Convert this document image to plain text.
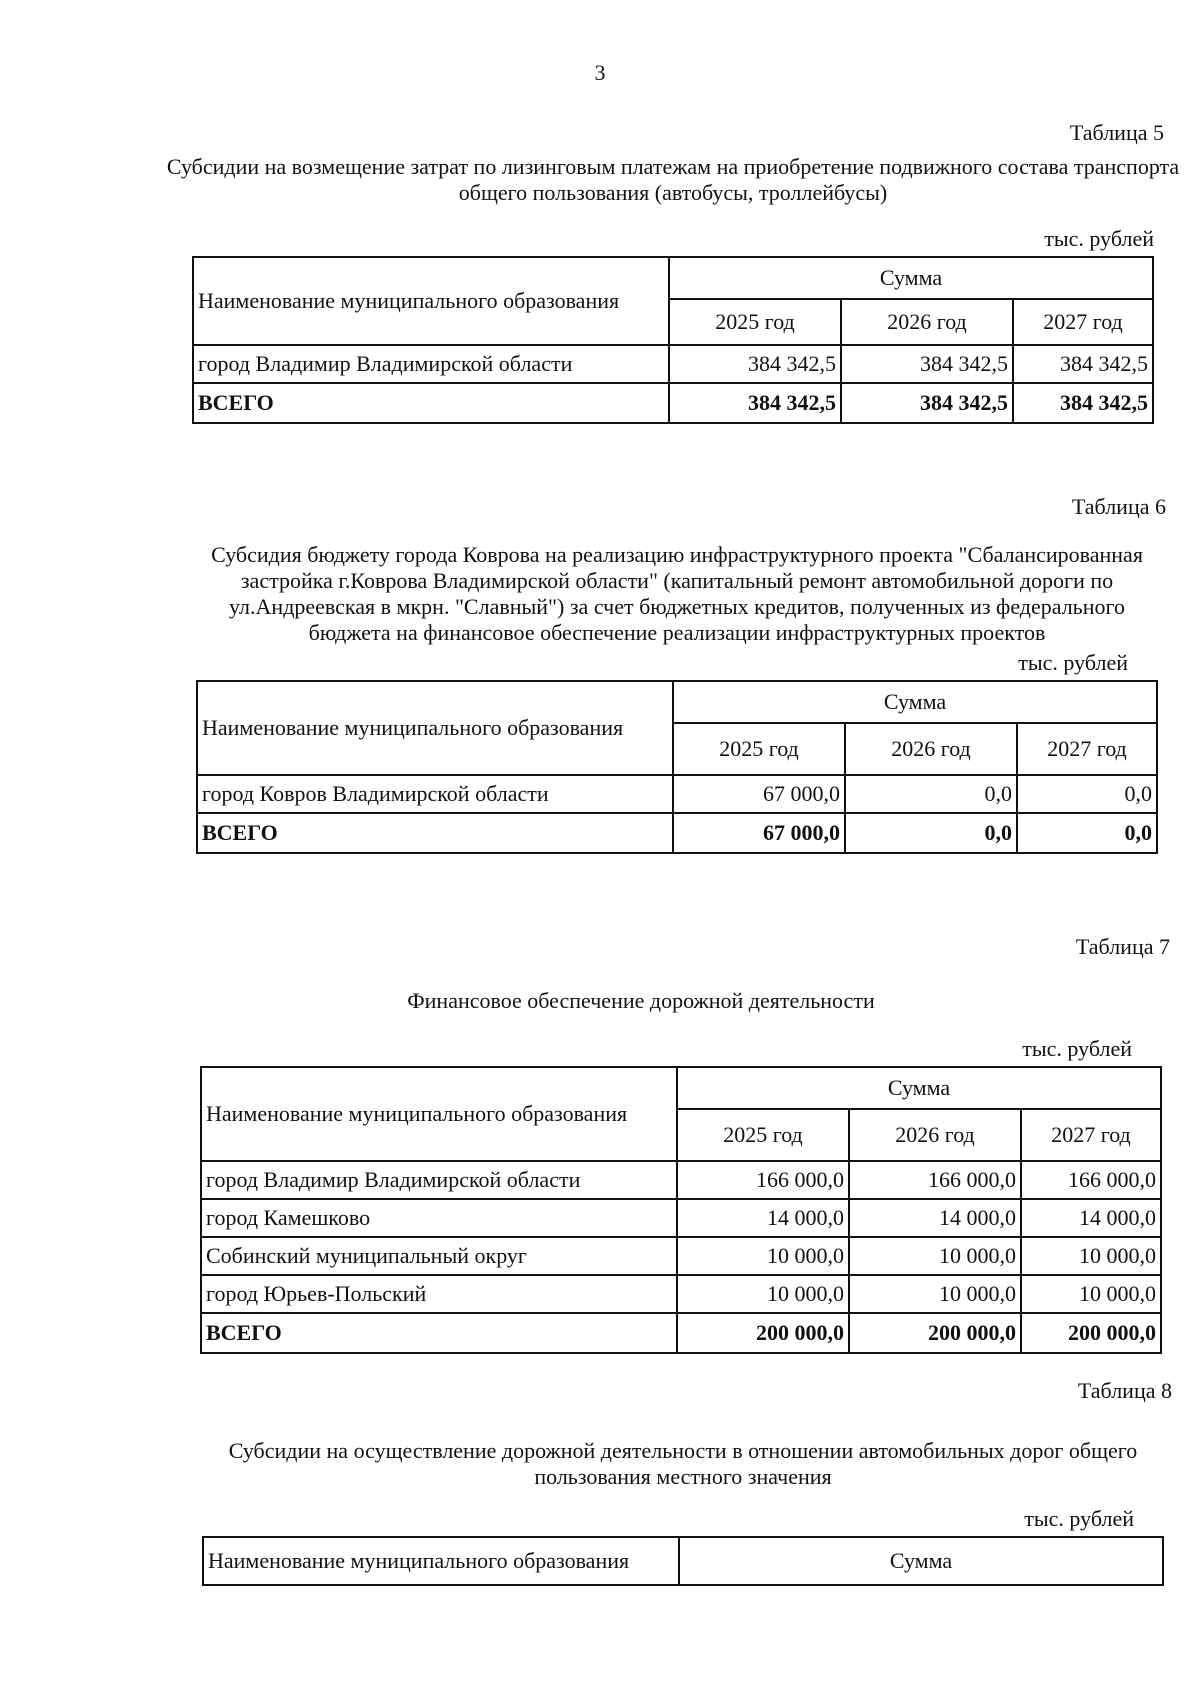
3
Таблица 5
Субсидии на возмещение затрат по лизинговым платежам на приобретение подвижного состава транспорта общего пользования (автобусы, троллейбусы)
тыс. рублей
Наименование муниципального образования	Сумма		
	2025 год	2026 год	2027 год
город Владимир Владимирской области	384 342,5	384 342,5	384 342,5
ВСЕГО	384 342,5	384 342,5	384 342,5
Таблица 6
Субсидия бюджету города Коврова на реализацию инфраструктурного проекта "Сбалансированная застройка г.Коврова Владимирской области" (капитальный ремонт автомобильной дороги по ул.Андреевская в мкрн. "Славный") за счет бюджетных кредитов, полученных из федерального бюджета на финансовое обеспечение реализации инфраструктурных проектов
тыс. рублей
Наименование муниципального образования	Сумма		
	2025 год	2026 год	2027 год
город Ковров Владимирской области	67 000,0	0,0	0,0
ВСЕГО	67 000,0	0,0	0,0
Таблица 7
Финансовое обеспечение дорожной деятельности
тыс. рублей
Наименование муниципального образования	Сумма		
	2025 год	2026 год	2027 год
город Владимир Владимирской области	166 000,0	166 000,0	166 000,0
город Камешково	14 000,0	14 000,0	14 000,0
Собинский муниципальный округ	10 000,0	10 000,0	10 000,0
город Юрьев-Польский	10 000,0	10 000,0	10 000,0
ВСЕГО	200 000,0	200 000,0	200 000,0
Таблица 8
Субсидии на осуществление дорожной деятельности в отношении автомобильных дорог общего пользования местного значения
тыс. рублей
Наименование муниципального образования	Сумма
